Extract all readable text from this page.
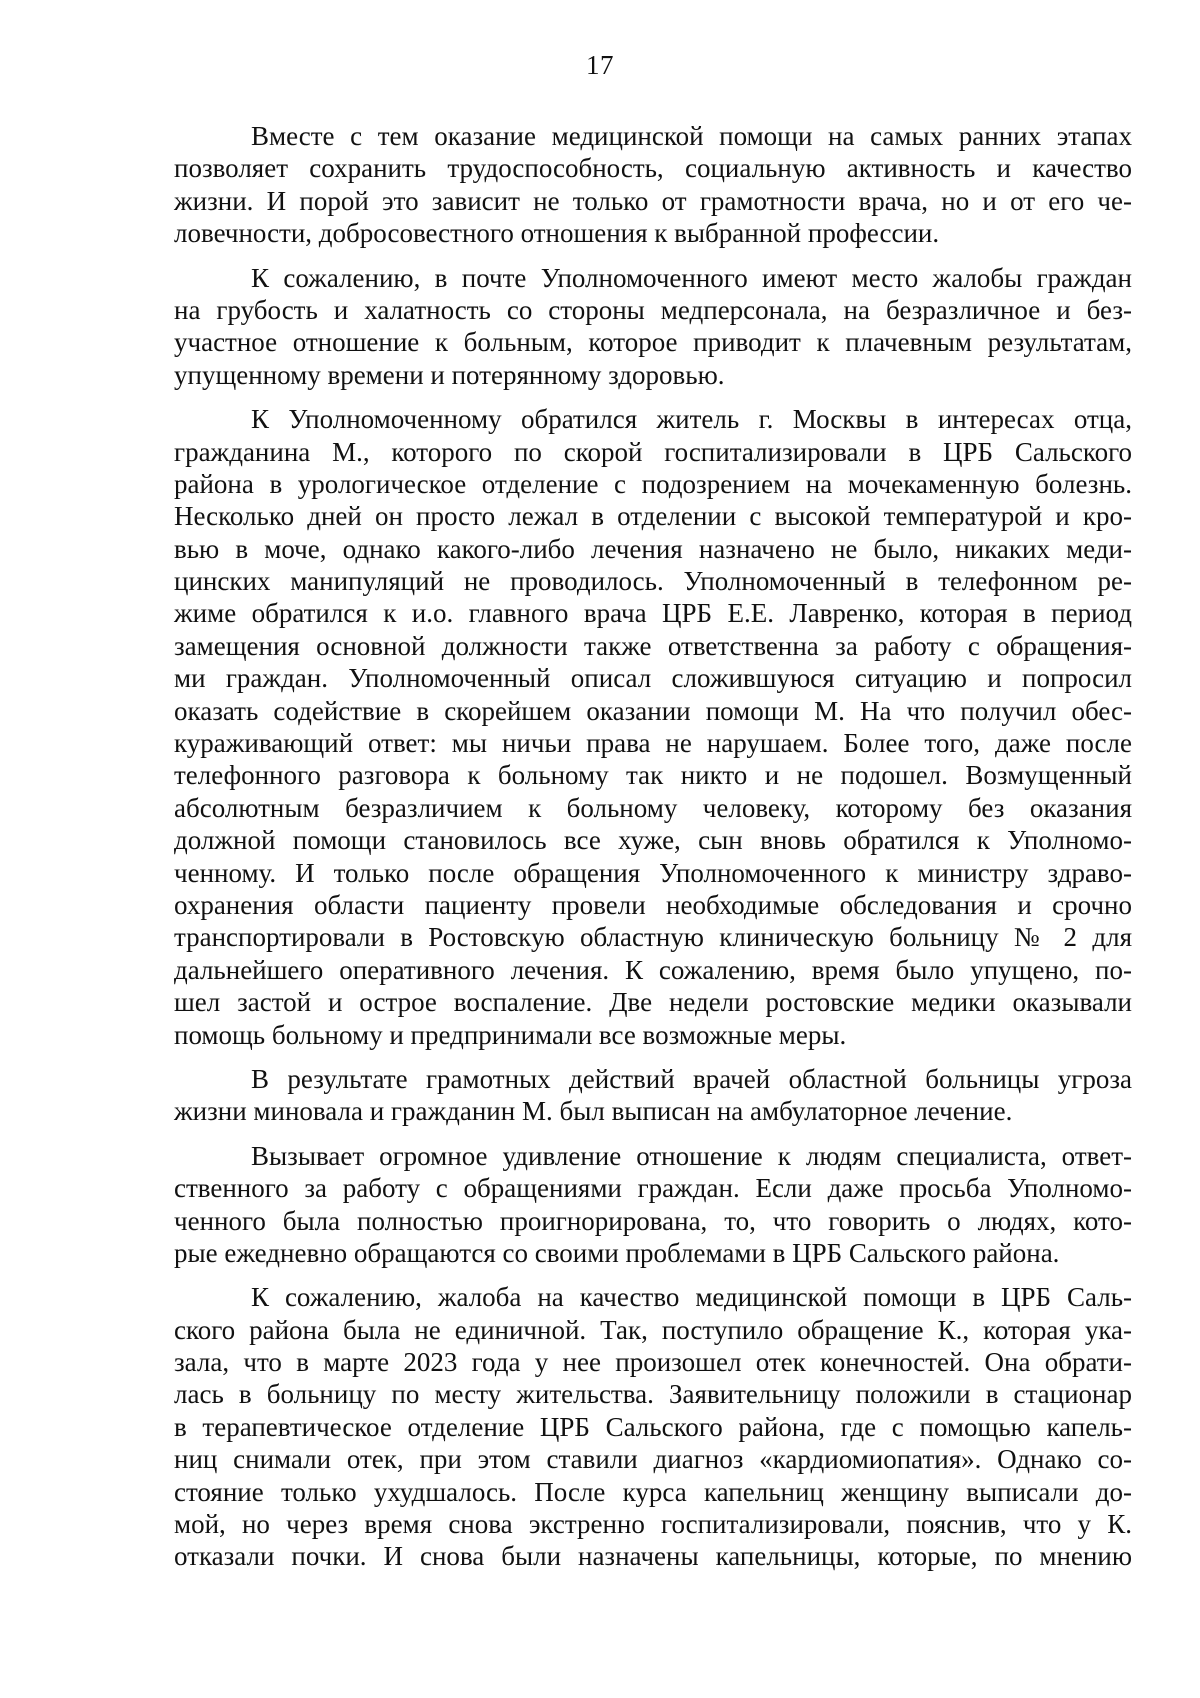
17
Вместе с тем оказание медицинской помощи на самых ранних этапах
позволяет сохранить трудоспособность, социальную активность и качество
жизни. И порой это зависит не только от грамотности врача, но и от его че-
ловечности, добросовестного отношения к выбранной профессии.
К сожалению, в почте Уполномоченного имеют место жалобы граждан
на грубость и халатность со стороны медперсонала, на безразличное и без-
участное отношение к больным, которое приводит к плачевным результатам,
упущенному времени и потерянному здоровью.
К Уполномоченному обратился житель г. Москвы в интересах отца,
гражданина М., которого по скорой госпитализировали в ЦРБ Сальского
района в урологическое отделение с подозрением на мочекаменную болезнь.
Несколько дней он просто лежал в отделении с высокой температурой и кро-
вью в моче, однако какого-либо лечения назначено не было, никаких меди-
цинских манипуляций не проводилось. Уполномоченный в телефонном ре-
жиме обратился к и.о. главного врача ЦРБ Е.Е. Лавренко, которая в период
замещения основной должности также ответственна за работу с обращения-
ми граждан. Уполномоченный описал сложившуюся ситуацию и попросил
оказать содействие в скорейшем оказании помощи М. На что получил обес-
кураживающий ответ: мы ничьи права не нарушаем. Более того, даже после
телефонного разговора к больному так никто и не подошел. Возмущенный
абсолютным безразличием к больному человеку, которому без оказания
должной помощи становилось все хуже, сын вновь обратился к Уполномо-
ченному. И только после обращения Уполномоченного к министру здраво-
охранения области пациенту провели необходимые обследования и срочно
транспортировали в Ростовскую областную клиническую больницу № 2 для
дальнейшего оперативного лечения. К сожалению, время было упущено, по-
шел застой и острое воспаление. Две недели ростовские медики оказывали
помощь больному и предпринимали все возможные меры.
В результате грамотных действий врачей областной больницы угроза
жизни миновала и гражданин М. был выписан на амбулаторное лечение.
Вызывает огромное удивление отношение к людям специалиста, ответ-
ственного за работу с обращениями граждан. Если даже просьба Уполномо-
ченного была полностью проигнорирована, то, что говорить о людях, кото-
рые ежедневно обращаются со своими проблемами в ЦРБ Сальского района.
К сожалению, жалоба на качество медицинской помощи в ЦРБ Саль-
ского района была не единичной. Так, поступило обращение К., которая ука-
зала, что в марте 2023 года у нее произошел отек конечностей. Она обрати-
лась в больницу по месту жительства. Заявительницу положили в стационар
в терапевтическое отделение ЦРБ Сальского района, где с помощью капель-
ниц снимали отек, при этом ставили диагноз «кардиомиопатия». Однако со-
стояние только ухудшалось. После курса капельниц женщину выписали до-
мой, но через время снова экстренно госпитализировали, пояснив, что у К.
отказали почки. И снова были назначены капельницы, которые, по мнению
